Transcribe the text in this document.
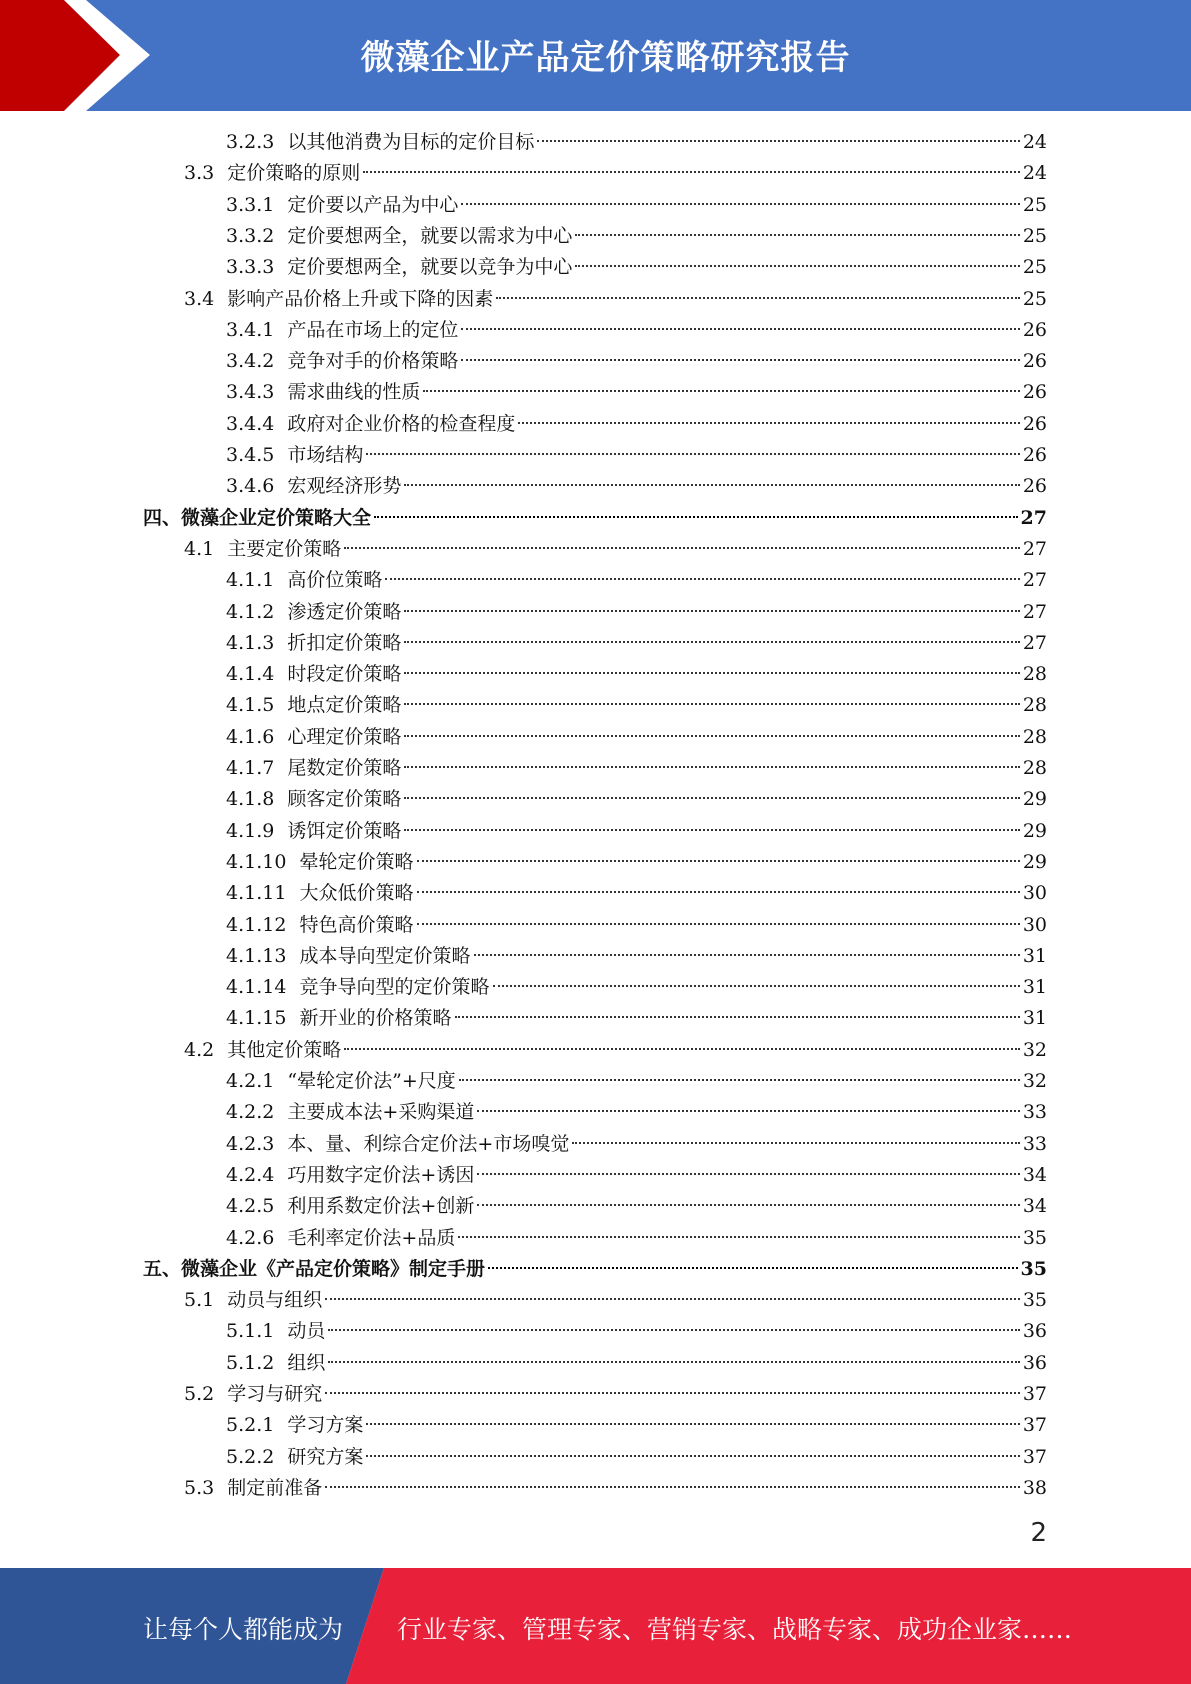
微藻企业产品定价策略研究报告
3.2.3 以其他消费为目标的定价目标	24
3.3 定价策略的原则	24
3.3.1 定价要以产品为中心	25
3.3.2 定价要想两全，就要以需求为中心	25
3.3.3 定价要想两全，就要以竞争为中心	25
3.4 影响产品价格上升或下降的因素	25
3.4.1 产品在市场上的定位	26
3.4.2 竞争对手的价格策略	26
3.4.3 需求曲线的性质	26
3.4.4 政府对企业价格的检查程度	26
3.4.5 市场结构	26
3.4.6 宏观经济形势	26
四、微藻企业定价策略大全	27
4.1 主要定价策略	27
4.1.1 高价位策略	27
4.1.2 渗透定价策略	27
4.1.3 折扣定价策略	27
4.1.4 时段定价策略	28
4.1.5 地点定价策略	28
4.1.6 心理定价策略	28
4.1.7 尾数定价策略	28
4.1.8 顾客定价策略	29
4.1.9 诱饵定价策略	29
4.1.10 晕轮定价策略	29
4.1.11 大众低价策略	30
4.1.12 特色高价策略	30
4.1.13 成本导向型定价策略	31
4.1.14 竞争导向型的定价策略	31
4.1.15 新开业的价格策略	31
4.2 其他定价策略	32
4.2.1 “晕轮定价法”+尺度	32
4.2.2 主要成本法+采购渠道	33
4.2.3 本、量、利综合定价法+市场嗅觉	33
4.2.4 巧用数字定价法+诱因	34
4.2.5 利用系数定价法+创新	34
4.2.6 毛利率定价法+品质	35
五、微藻企业《产品定价策略》制定手册	35
5.1 动员与组织	35
5.1.1 动员	36
5.1.2 组织	36
5.2 学习与研究	37
5.2.1 学习方案	37
5.2.2 研究方案	37
5.3 制定前准备	38
2
让每个人都能成为 行业专家、管理专家、营销专家、战略专家、成功企业家……
